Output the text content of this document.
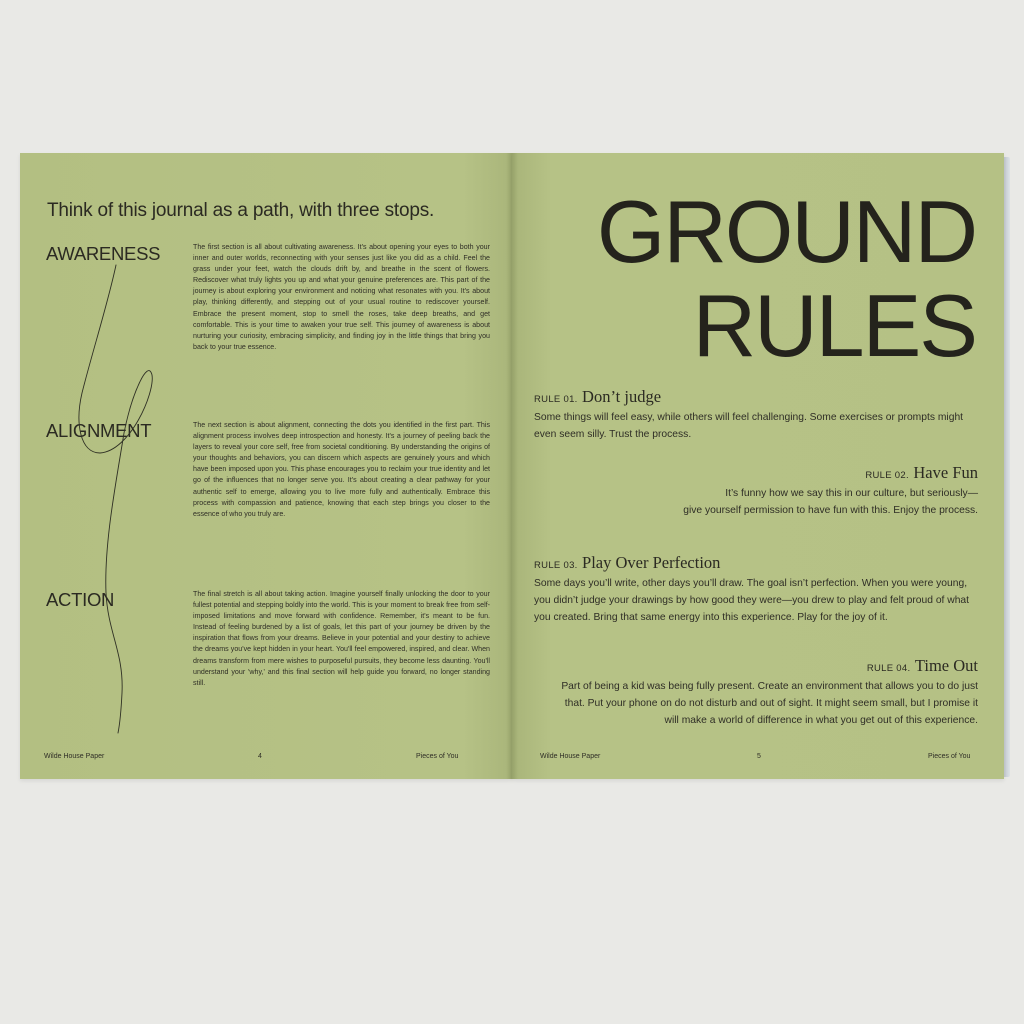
Think of this journal as a path, with three stops.
AWARENESS	The first section is all about cultivating awareness. It's about opening your eyes to both your inner and outer worlds, reconnecting with your senses just like you did as a child. Feel the grass under your feet, watch the clouds drift by, and breathe in the scent of flowers. Rediscover what truly lights you up and what your genuine preferences are. This part of the journey is about exploring your environment and noticing what resonates with you. It's about play, thinking differently, and stepping out of your usual routine to rediscover yourself. Embrace the present moment, stop to smell the roses, take deep breaths, and get comfortable. This is your time to awaken your true self. This journey of awareness is about nurturing your curiosity, embracing simplicity, and finding joy in the little things that bring you back to your true essence.
ALIGNMENT	The next section is about alignment, connecting the dots you identified in the first part. This alignment process involves deep introspection and honesty. It's a journey of peeling back the layers to reveal your core self, free from societal conditioning. By understanding the origins of your thoughts and behaviors, you can discern which aspects are genuinely yours and which have been imposed upon you. This phase encourages you to reclaim your true identity and let go of the influences that no longer serve you. It's about creating a clear pathway for your authentic self to emerge, allowing you to live more fully and authentically. Embrace this process with compassion and patience, knowing that each step brings you closer to the essence of who you truly are.
ACTION	The final stretch is all about taking action. Imagine yourself finally unlocking the door to your fullest potential and stepping boldly into the world. This is your moment to break free from self-imposed limitations and move forward with confidence. Remember, it's meant to be fun. Instead of feeling burdened by a list of goals, let this part of your journey be driven by the inspiration that flows from your dreams. Believe in your potential and your destiny to achieve the dreams you've kept hidden in your heart. You'll feel empowered, inspired, and clear. When dreams transform from mere wishes to purposeful pursuits, they become less daunting. You'll understand your 'why,' and this final section will help guide you forward, no longer standing still.
Wilde House Paper	4	Pieces of You
GROUND
RULES
RULE 01. Don’t judge
Some things will feel easy, while others will feel challenging. Some exercises or prompts might even seem silly. Trust the process.
RULE 02. Have Fun
It’s funny how we say this in our culture, but seriously—
give yourself permission to have fun with this. Enjoy the process.
RULE 03. Play Over Perfection
Some days you’ll write, other days you’ll draw. The goal isn’t perfection. When you were young, you didn’t judge your drawings by how good they were—you drew to play and felt proud of what you created. Bring that same energy into this experience. Play for the joy of it.
RULE 04. Time Out
Part of being a kid was being fully present. Create an environment that allows you to do just
that. Put your phone on do not disturb and out of sight. It might seem small, but I promise it
will make a world of difference in what you get out of this experience.
Wilde House Paper	5	Pieces of You
